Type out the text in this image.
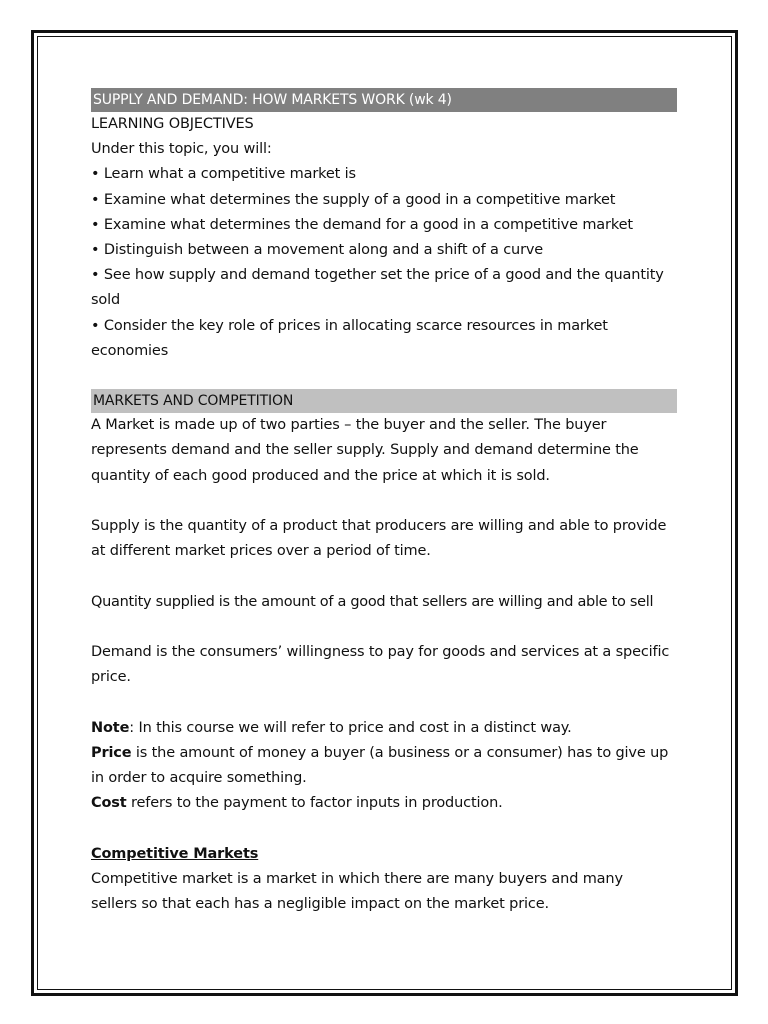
SUPPLY AND DEMAND: HOW MARKETS WORK (wk 4)

LEARNING OBJECTIVES

Under this topic, you will:

• Learn what a competitive market is

• Examine what determines the supply of a good in a competitive market

• Examine what determines the demand for a good in a competitive market

• Distinguish between a movement along and a shift of a curve

• See how supply and demand together set the price of a good and the quantity sold

• Consider the key role of prices in allocating scarce resources in market economies

MARKETS AND COMPETITION

A Market is made up of two parties – the buyer and the seller. The buyer represents demand and the seller supply. Supply and demand determine the quantity of each good produced and the price at which it is sold.

Supply is the quantity of a product that producers are willing and able to provide at different market prices over a period of time.

Quantity supplied is the amount of a good that sellers are willing and able to sell

Demand is the consumers’ willingness to pay for goods and services at a specific price.

Note: In this course we will refer to price and cost in a distinct way.

Price is the amount of money a buyer (a business or a consumer) has to give up in order to acquire something.

Cost refers to the payment to factor inputs in production.

Competitive Markets

Competitive market is a market in which there are many buyers and many sellers so that each has a negligible impact on the market price.
